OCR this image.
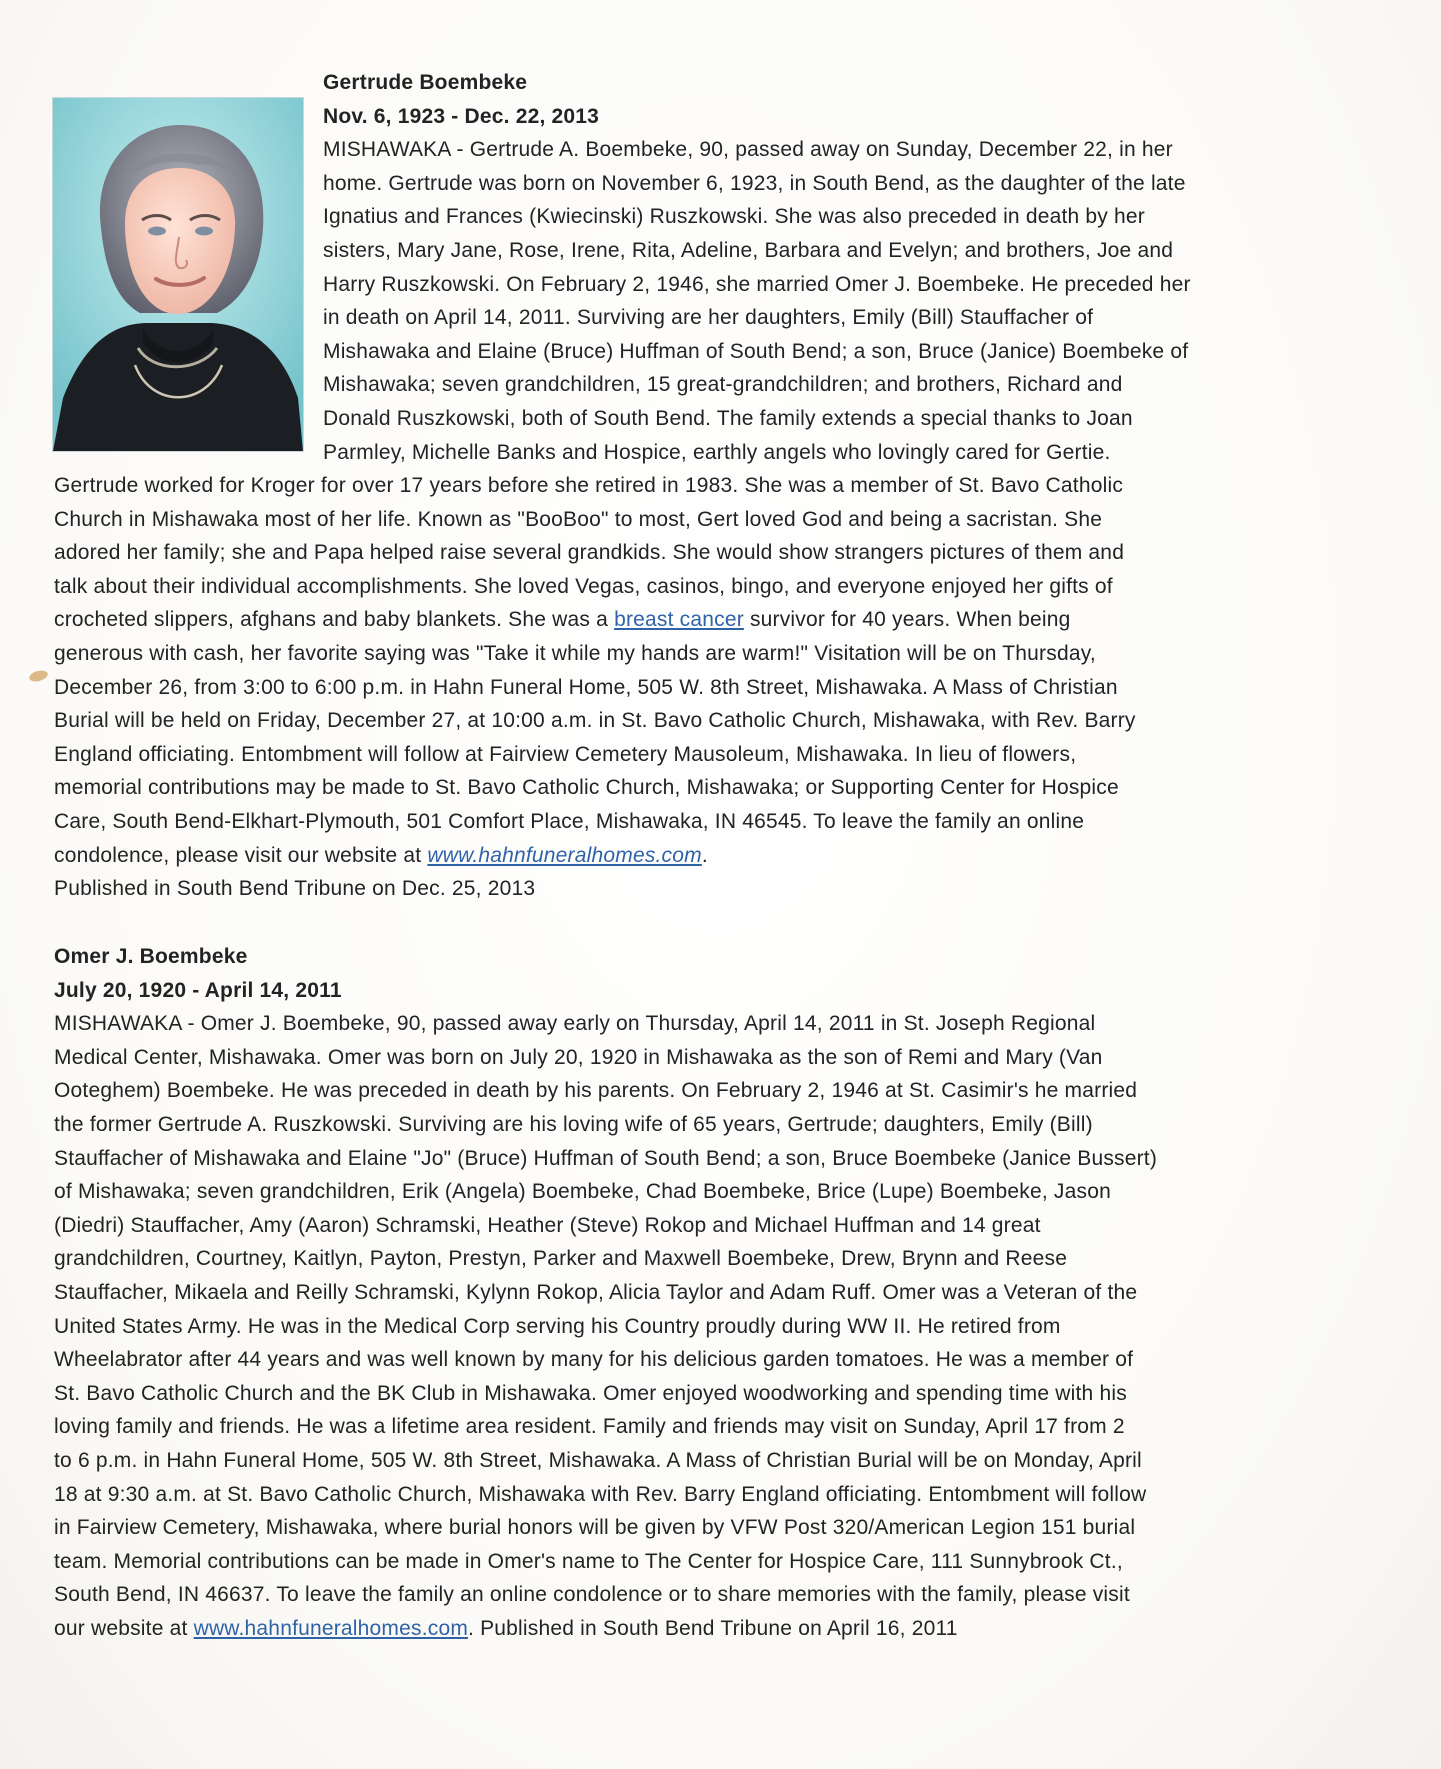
Gertrude Boembeke
Nov. 6, 1923 - Dec. 22, 2013
MISHAWAKA - Gertrude A. Boembeke, 90, passed away on Sunday, December 22, in her
home. Gertrude was born on November 6, 1923, in South Bend, as the daughter of the late
Ignatius and Frances (Kwiecinski) Ruszkowski. She was also preceded in death by her
sisters, Mary Jane, Rose, Irene, Rita, Adeline, Barbara and Evelyn; and brothers, Joe and
Harry Ruszkowski. On February 2, 1946, she married Omer J. Boembeke. He preceded her
in death on April 14, 2011. Surviving are her daughters, Emily (Bill) Stauffacher of
Mishawaka and Elaine (Bruce) Huffman of South Bend; a son, Bruce (Janice) Boembeke of
Mishawaka; seven grandchildren, 15 great-grandchildren; and brothers, Richard and
Donald Ruszkowski, both of South Bend. The family extends a special thanks to Joan
Parmley, Michelle Banks and Hospice, earthly angels who lovingly cared for Gertie.
Gertrude worked for Kroger for over 17 years before she retired in 1983. She was a member of St. Bavo Catholic
Church in Mishawaka most of her life. Known as "BooBoo" to most, Gert loved God and being a sacristan. She
adored her family; she and Papa helped raise several grandkids. She would show strangers pictures of them and
talk about their individual accomplishments. She loved Vegas, casinos, bingo, and everyone enjoyed her gifts of
crocheted slippers, afghans and baby blankets. She was a breast cancer survivor for 40 years. When being
generous with cash, her favorite saying was "Take it while my hands are warm!" Visitation will be on Thursday,
December 26, from 3:00 to 6:00 p.m. in Hahn Funeral Home, 505 W. 8th Street, Mishawaka. A Mass of Christian
Burial will be held on Friday, December 27, at 10:00 a.m. in St. Bavo Catholic Church, Mishawaka, with Rev. Barry
England officiating. Entombment will follow at Fairview Cemetery Mausoleum, Mishawaka. In lieu of flowers,
memorial contributions may be made to St. Bavo Catholic Church, Mishawaka; or Supporting Center for Hospice
Care, South Bend-Elkhart-Plymouth, 501 Comfort Place, Mishawaka, IN 46545. To leave the family an online
condolence, please visit our website at www.hahnfuneralhomes.com.
Published in South Bend Tribune on Dec. 25, 2013
Omer J. Boembeke
July 20, 1920 - April 14, 2011
MISHAWAKA - Omer J. Boembeke, 90, passed away early on Thursday, April 14, 2011 in St. Joseph Regional
Medical Center, Mishawaka. Omer was born on July 20, 1920 in Mishawaka as the son of Remi and Mary (Van
Ooteghem) Boembeke. He was preceded in death by his parents. On February 2, 1946 at St. Casimir's he married
the former Gertrude A. Ruszkowski. Surviving are his loving wife of 65 years, Gertrude; daughters, Emily (Bill)
Stauffacher of Mishawaka and Elaine "Jo" (Bruce) Huffman of South Bend; a son, Bruce Boembeke (Janice Bussert)
of Mishawaka; seven grandchildren, Erik (Angela) Boembeke, Chad Boembeke, Brice (Lupe) Boembeke, Jason
(Diedri) Stauffacher, Amy (Aaron) Schramski, Heather (Steve) Rokop and Michael Huffman and 14 great
grandchildren, Courtney, Kaitlyn, Payton, Prestyn, Parker and Maxwell Boembeke, Drew, Brynn and Reese
Stauffacher, Mikaela and Reilly Schramski, Kylynn Rokop, Alicia Taylor and Adam Ruff. Omer was a Veteran of the
United States Army. He was in the Medical Corp serving his Country proudly during WW II. He retired from
Wheelabrator after 44 years and was well known by many for his delicious garden tomatoes. He was a member of
St. Bavo Catholic Church and the BK Club in Mishawaka. Omer enjoyed woodworking and spending time with his
loving family and friends. He was a lifetime area resident. Family and friends may visit on Sunday, April 17 from 2
to 6 p.m. in Hahn Funeral Home, 505 W. 8th Street, Mishawaka. A Mass of Christian Burial will be on Monday, April
18 at 9:30 a.m. at St. Bavo Catholic Church, Mishawaka with Rev. Barry England officiating. Entombment will follow
in Fairview Cemetery, Mishawaka, where burial honors will be given by VFW Post 320/American Legion 151 burial
team. Memorial contributions can be made in Omer's name to The Center for Hospice Care, 111 Sunnybrook Ct.,
South Bend, IN 46637. To leave the family an online condolence or to share memories with the family, please visit
our website at www.hahnfuneralhomes.com. Published in South Bend Tribune on April 16, 2011
